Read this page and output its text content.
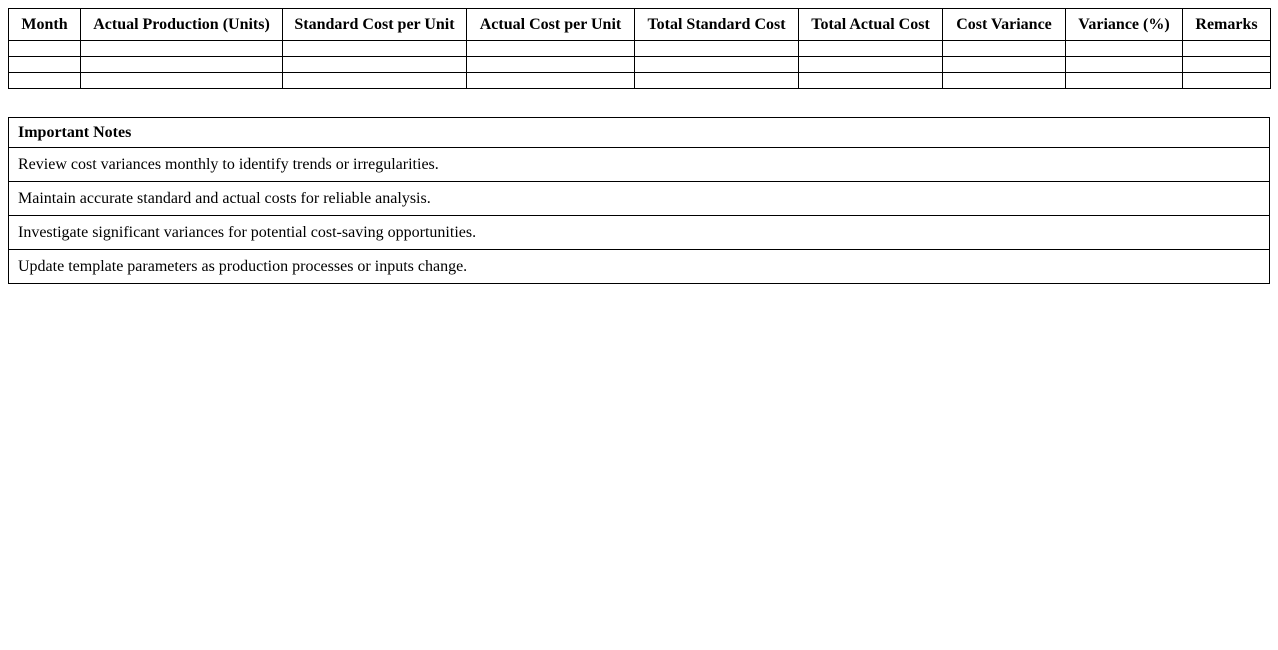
Month	Actual Production (Units)	Standard Cost per Unit	Actual Cost per Unit	Total Standard Cost	Total Actual Cost	Cost Variance	Variance (%)	Remarks

Important Notes
Review cost variances monthly to identify trends or irregularities.
Maintain accurate standard and actual costs for reliable analysis.
Investigate significant variances for potential cost-saving opportunities.
Update template parameters as production processes or inputs change.
